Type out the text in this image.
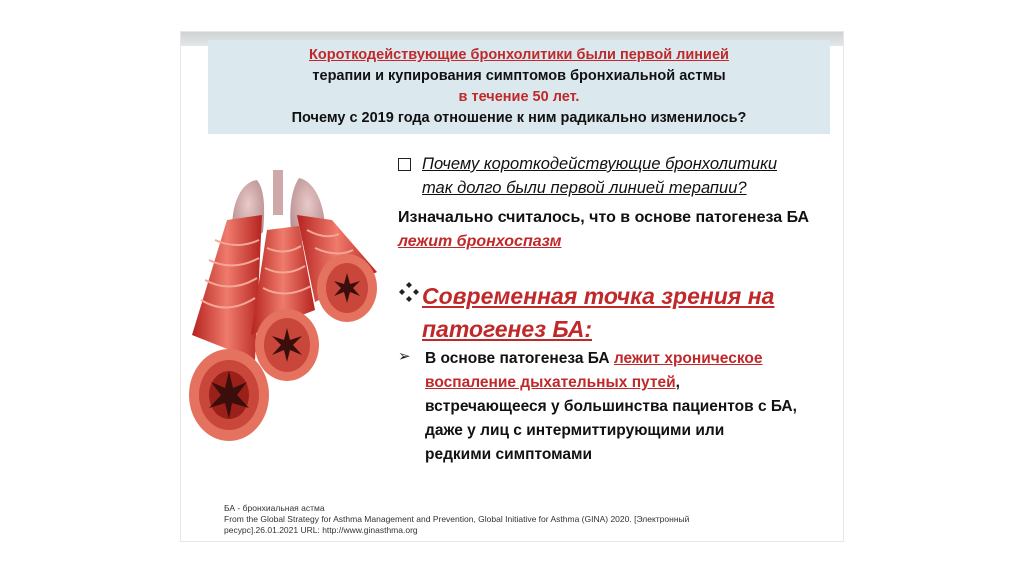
Короткодействующие бронхолитики были первой линией
терапии и купирования симптомов бронхиальной астмы
в течение 50 лет.
Почему с 2019 года отношение к ним радикально изменилось?
Почему короткодействующие бронхолитики
так долго были первой линией терапии?
Изначально считалось, что в основе патогенеза БА
лежит бронхоспазм
Современная точка зрения на
патогенез БА:
➢ В основе патогенеза БА лежит хроническое
воспаление дыхательных путей,
встречающееся у большинства пациентов с БА,
даже у лиц с интермиттирующими или
редкими симптомами
БА - бронхиальная астма
From the Global Strategy for Asthma Management and Prevention, Global Initiative for Asthma (GINA) 2020. [Электронный
ресурс].26.01.2021 URL: http://www.ginasthma.org
